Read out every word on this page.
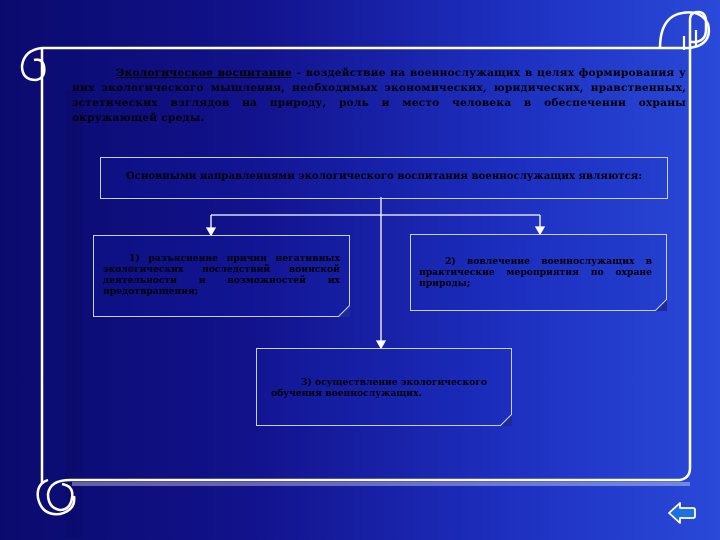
Экологическое воспитание - воздействие на военнослужащих в целях формирования у них экологического мышления, необходимых экономических, юридических, нравственных, эстетических взглядов на природу, роль и место человека в обеспечении охраны окружающей среды.
Основными направлениями экологического воспитания военнослужащих являются:
1) разъяснение причин негативных экологических последствий воинской деятельности и возможностей их предотвращения;
2) вовлечение военнослужащих в практические мероприятия по охране природы;
3) осуществление экологического обучения военнослужащих.
